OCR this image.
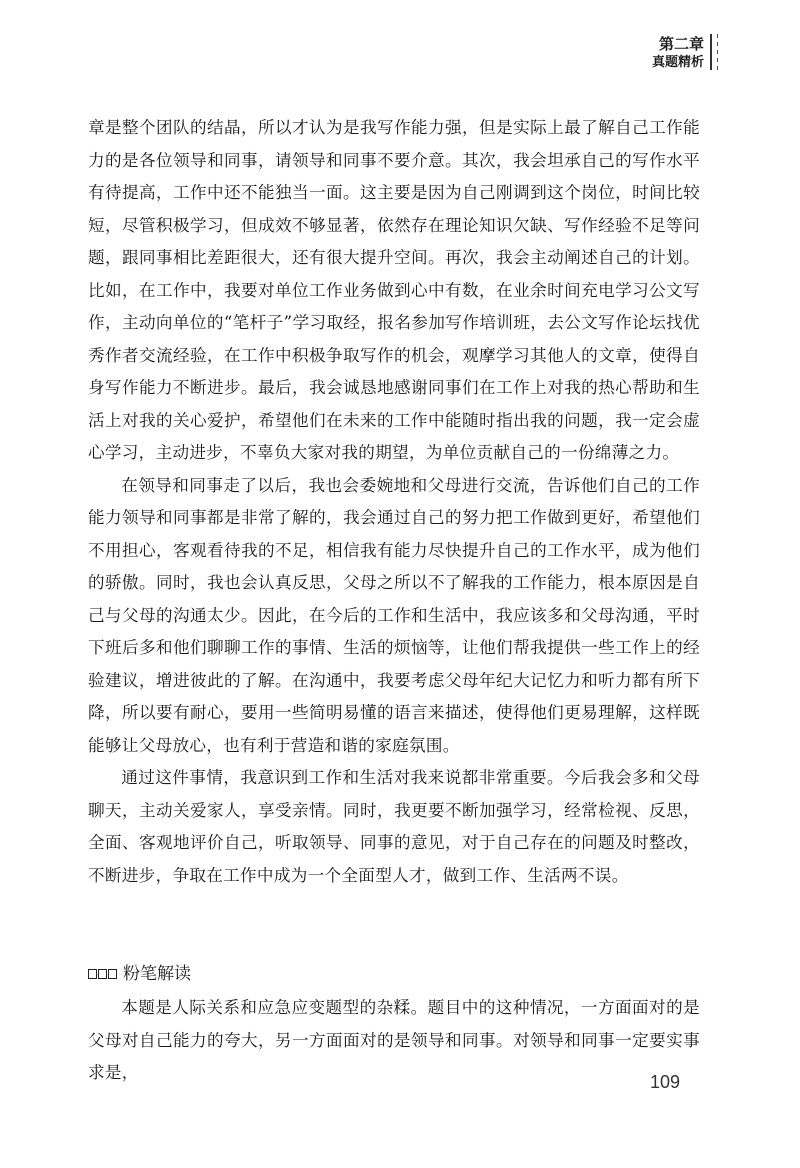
第二章
真题精析

章是整个团队的结晶，所以才认为是我写作能力强，但是实际上最了解自己工作能力的是各位领导和同事，请领导和同事不要介意。其次，我会坦承自己的写作水平有待提高，工作中还不能独当一面。这主要是因为自己刚调到这个岗位，时间比较短，尽管积极学习，但成效不够显著，依然存在理论知识欠缺、写作经验不足等问题，跟同事相比差距很大，还有很大提升空间。再次，我会主动阐述自己的计划。比如，在工作中，我要对单位工作业务做到心中有数，在业余时间充电学习公文写作，主动向单位的“笔杆子”学习取经，报名参加写作培训班，去公文写作论坛找优秀作者交流经验，在工作中积极争取写作的机会，观摩学习其他人的文章，使得自身写作能力不断进步。最后，我会诚恳地感谢同事们在工作上对我的热心帮助和生活上对我的关心爱护，希望他们在未来的工作中能随时指出我的问题，我一定会虚心学习，主动进步，不辜负大家对我的期望，为单位贡献自己的一份绵薄之力。

在领导和同事走了以后，我也会委婉地和父母进行交流，告诉他们自己的工作能力领导和同事都是非常了解的，我会通过自己的努力把工作做到更好，希望他们不用担心，客观看待我的不足，相信我有能力尽快提升自己的工作水平，成为他们的骄傲。同时，我也会认真反思，父母之所以不了解我的工作能力，根本原因是自己与父母的沟通太少。因此，在今后的工作和生活中，我应该多和父母沟通，平时下班后多和他们聊聊工作的事情、生活的烦恼等，让他们帮我提供一些工作上的经验建议，增进彼此的了解。在沟通中，我要考虑父母年纪大记忆力和听力都有所下降，所以要有耐心，要用一些简明易懂的语言来描述，使得他们更易理解，这样既能够让父母放心，也有利于营造和谐的家庭氛围。

通过这件事情，我意识到工作和生活对我来说都非常重要。今后我会多和父母聊天，主动关爱家人，享受亲情。同时，我更要不断加强学习，经常检视、反思，全面、客观地评价自己，听取领导、同事的意见，对于自己存在的问题及时整改，不断进步，争取在工作中成为一个全面型人才，做到工作、生活两不误。

粉笔解读

本题是人际关系和应急应变题型的杂糅。题目中的这种情况，一方面面对的是父母对自己能力的夸大，另一方面面对的是领导和同事。对领导和同事一定要实事求是，	109
